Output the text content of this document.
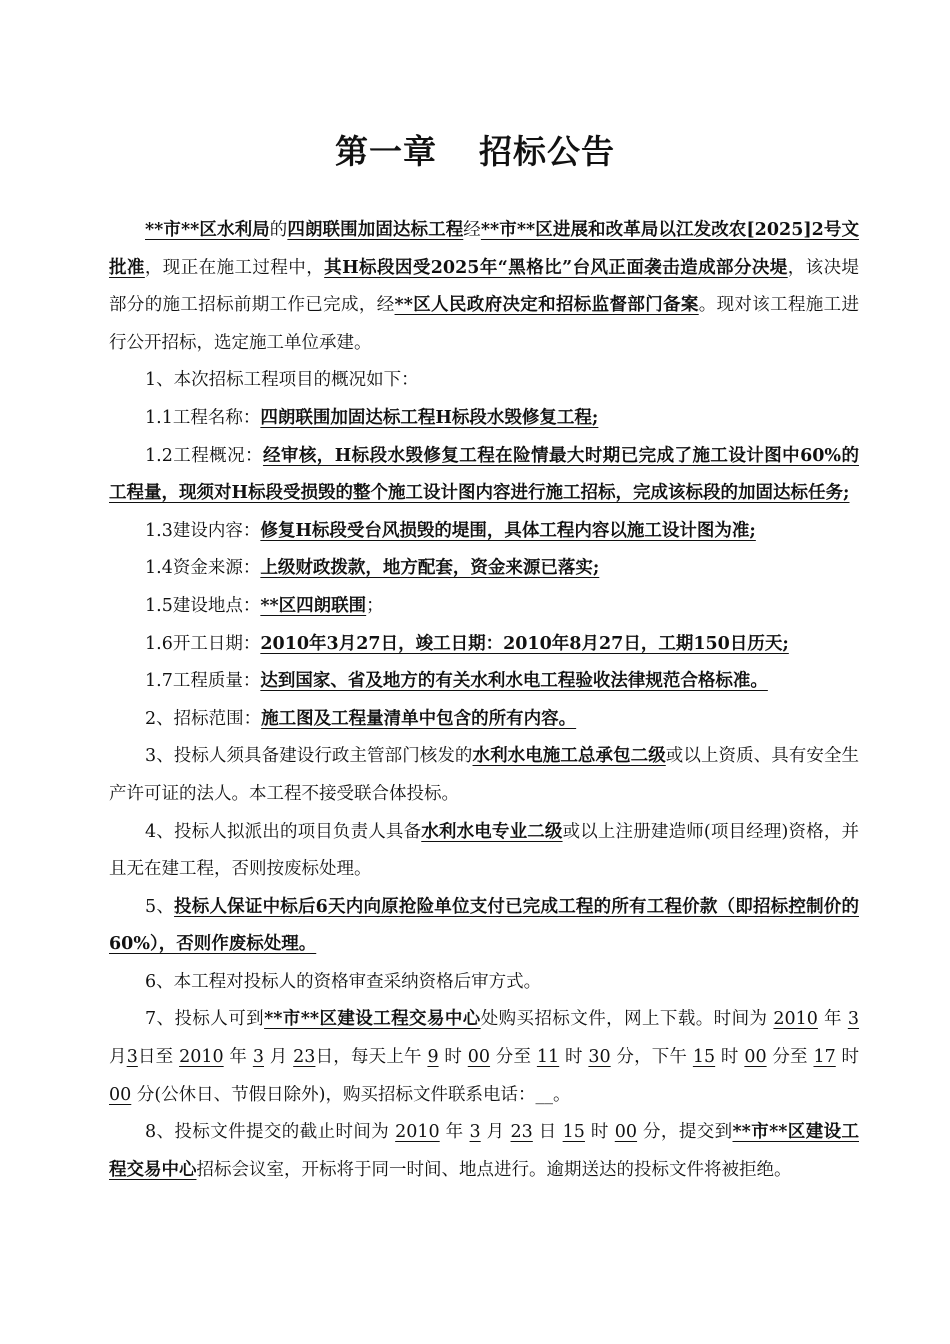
第一章 招标公告

**市**区水利局的四朗联围加固达标工程经**市**区进展和改革局以江发改农[2025]2号文批准，现正在施工过程中，其H标段因受2025年“黑格比”台风正面袭击造成部分决堤，该决堤部分的施工招标前期工作已完成，经**区人民政府决定和招标监督部门备案。现对该工程施工进行公开招标，选定施工单位承建。

1、本次招标工程项目的概况如下：

1.1工程名称：四朗联围加固达标工程H标段水毁修复工程;

1.2工程概况：经审核，H标段水毁修复工程在险情最大时期已完成了施工设计图中60%的工程量，现须对H标段受损毁的整个施工设计图内容进行施工招标，完成该标段的加固达标任务;

1.3建设内容：修复H标段受台风损毁的堤围，具体工程内容以施工设计图为准;

1.4资金来源：上级财政拨款，地方配套，资金来源已落实;

1.5建设地点：**区四朗联围；

1.6开工日期：2010年3月27日，竣工日期：2010年8月27日，工期150日历天;

1.7工程质量：达到国家、省及地方的有关水利水电工程验收法律规范合格标准。

2、招标范围：施工图及工程量清单中包含的所有内容。

3、投标人须具备建设行政主管部门核发的水利水电施工总承包二级或以上资质、具有安全生产许可证的法人。本工程不接受联合体投标。

4、投标人拟派出的项目负责人具备水利水电专业二级或以上注册建造师(项目经理)资格，并且无在建工程，否则按废标处理。

5、投标人保证中标后6天内向原抢险单位支付已完成工程的所有工程价款（即招标控制价的60%），否则作废标处理。

6、本工程对投标人的资格审查采纳资格后审方式。

7、投标人可到**市**区建设工程交易中心处购买招标文件，网上下载。时间为 2010 年 3月3日至 2010 年 3 月 23日，每天上午 9 时 00 分至 11 时 30 分，下午 15 时 00 分至 17 时 00 分(公休日、节假日除外)，购买招标文件联系电话：__。

8、投标文件提交的截止时间为 2010 年 3 月 23 日 15 时 00 分，提交到**市**区建设工程交易中心招标会议室，开标将于同一时间、地点进行。逾期送达的投标文件将被拒绝。
